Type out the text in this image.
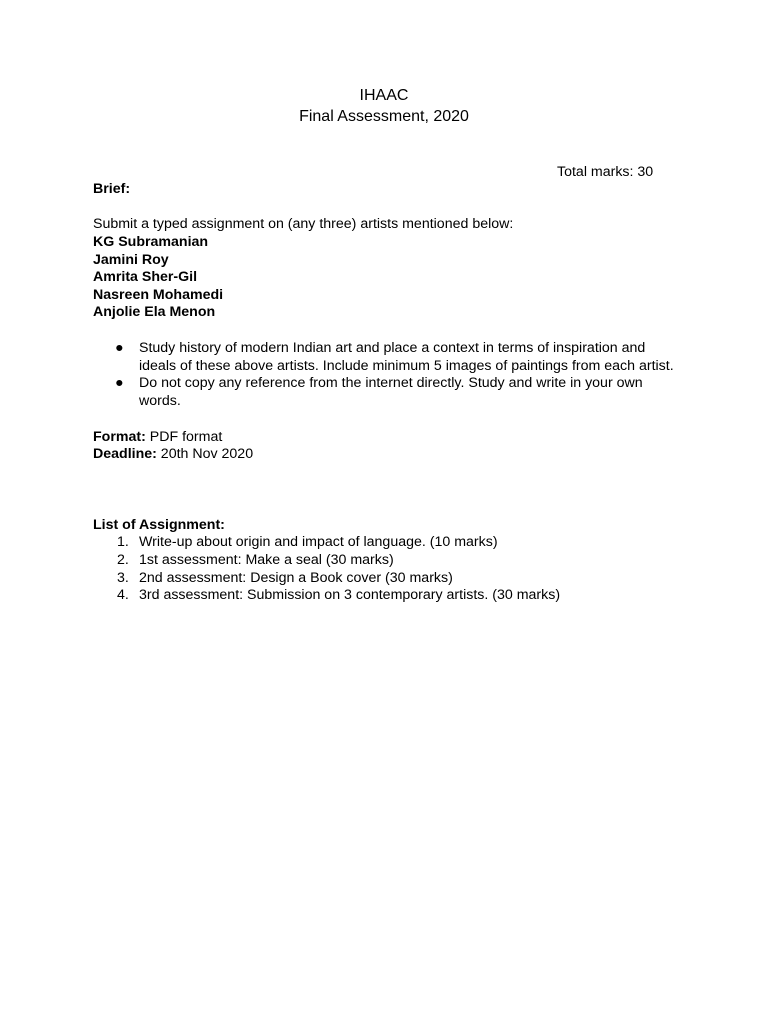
IHAAC
Final Assessment, 2020
Total marks: 30
Brief:
Submit a typed assignment on (any three) artists mentioned below:
KG Subramanian
Jamini Roy
Amrita Sher-Gil
Nasreen Mohamedi
Anjolie Ela Menon
● Study history of modern Indian art and place a context in terms of inspiration and
ideals of these above artists. Include minimum 5 images of paintings from each artist.
● Do not copy any reference from the internet directly. Study and write in your own
words.
Format: PDF format
Deadline: 20th Nov 2020
List of Assignment:
1. Write-up about origin and impact of language. (10 marks)
2. 1st assessment: Make a seal (30 marks)
3. 2nd assessment: Design a Book cover (30 marks)
4. 3rd assessment: Submission on 3 contemporary artists. (30 marks)
